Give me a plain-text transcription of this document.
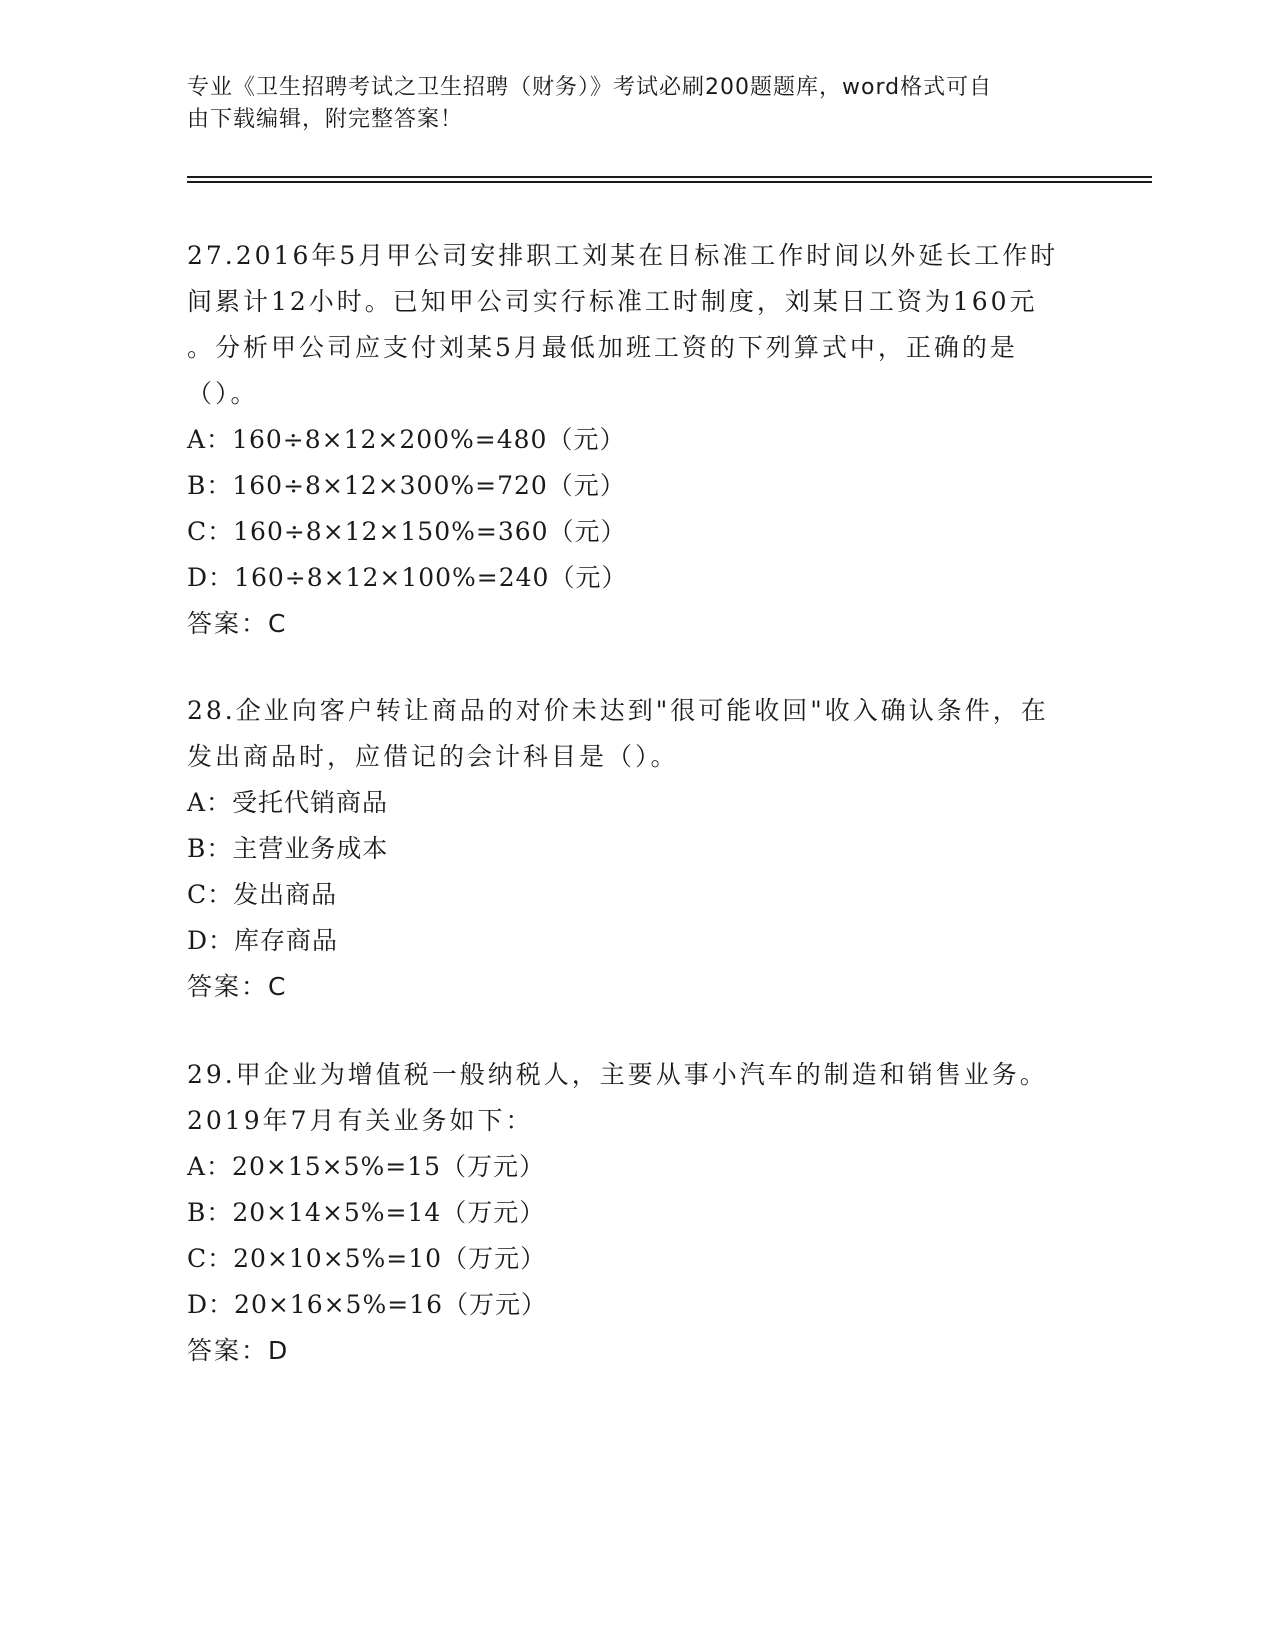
专业《卫生招聘考试之卫生招聘（财务）》考试必刷200题题库，word格式可自
由下载编辑，附完整答案！
27.2016年5月甲公司安排职工刘某在日标准工作时间以外延长工作时
间累计12小时。已知甲公司实行标准工时制度，刘某日工资为160元
。分析甲公司应支付刘某5月最低加班工资的下列算式中，正确的是
（）。
A：160÷8×12×200%=480（元）
B：160÷8×12×300%=720（元）
C：160÷8×12×150%=360（元）
D：160÷8×12×100%=240（元）
答案：C
28.企业向客户转让商品的对价未达到"很可能收回"收入确认条件，在
发出商品时，应借记的会计科目是（）。
A：受托代销商品
B：主营业务成本
C：发出商品
D：库存商品
答案：C
29.甲企业为增值税一般纳税人，主要从事小汽车的制造和销售业务。
2019年7月有关业务如下：
A：20×15×5%=15（万元）
B：20×14×5%=14（万元）
C：20×10×5%=10（万元）
D：20×16×5%=16（万元）
答案：D
